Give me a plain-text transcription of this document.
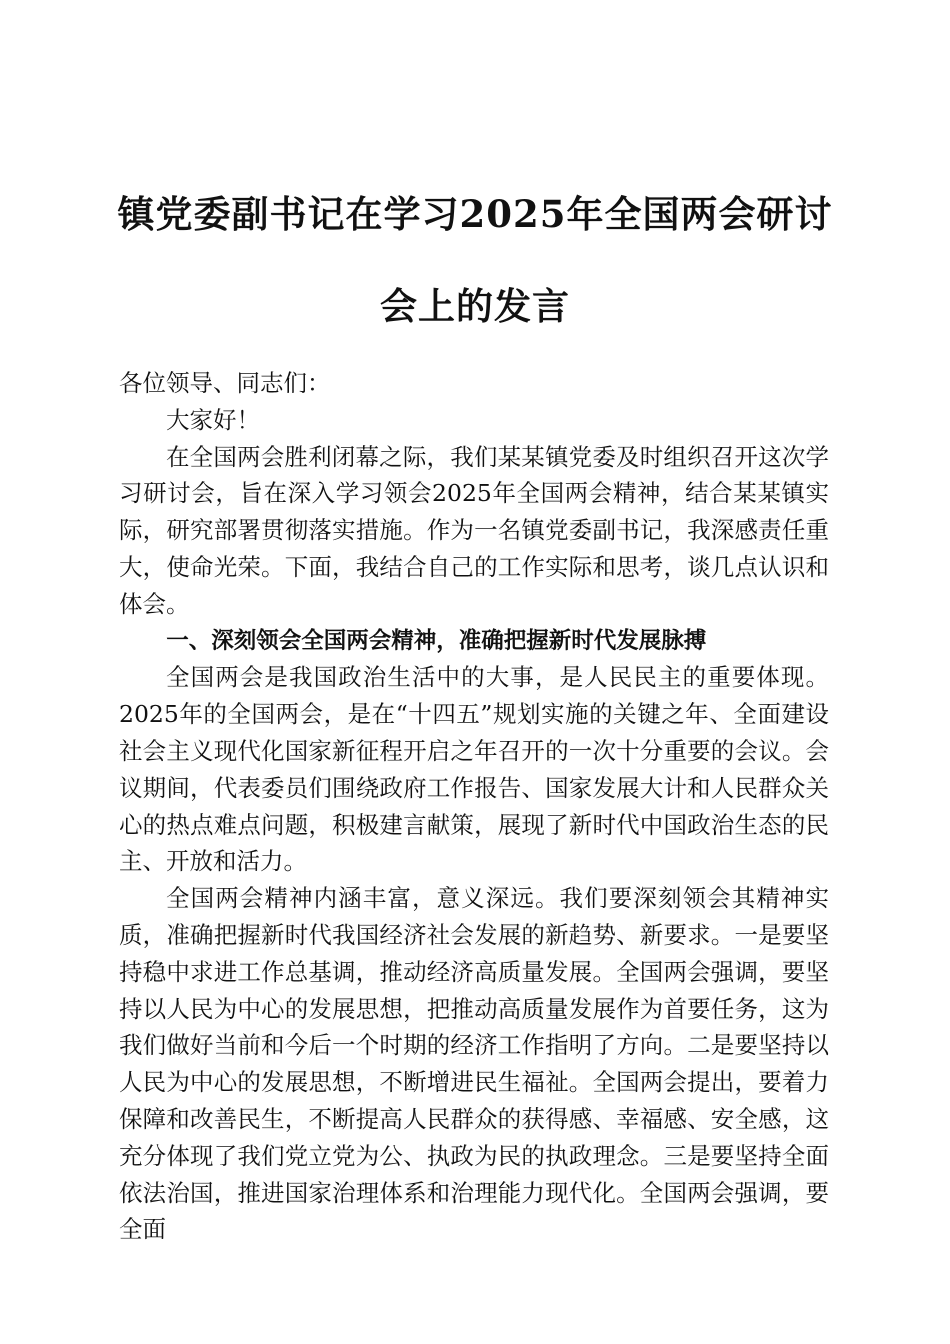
镇党委副书记在学习2025年全国两会研讨会上的发言

各位领导、同志们：

大家好！

在全国两会胜利闭幕之际，我们某某镇党委及时组织召开这次学习研讨会，旨在深入学习领会2025年全国两会精神，结合某某镇实际，研究部署贯彻落实措施。作为一名镇党委副书记，我深感责任重大，使命光荣。下面，我结合自己的工作实际和思考，谈几点认识和体会。

一、深刻领会全国两会精神，准确把握新时代发展脉搏

全国两会是我国政治生活中的大事，是人民民主的重要体现。2025年的全国两会，是在“十四五”规划实施的关键之年、全面建设社会主义现代化国家新征程开启之年召开的一次十分重要的会议。会议期间，代表委员们围绕政府工作报告、国家发展大计和人民群众关心的热点难点问题，积极建言献策，展现了新时代中国政治生态的民主、开放和活力。

全国两会精神内涵丰富，意义深远。我们要深刻领会其精神实质，准确把握新时代我国经济社会发展的新趋势、新要求。一是要坚持稳中求进工作总基调，推动经济高质量发展。全国两会强调，要坚持以人民为中心的发展思想，把推动高质量发展作为首要任务，这为我们做好当前和今后一个时期的经济工作指明了方向。二是要坚持以人民为中心的发展思想，不断增进民生福祉。全国两会提出，要着力保障和改善民生，不断提高人民群众的获得感、幸福感、安全感，这充分体现了我们党立党为公、执政为民的执政理念。三是要坚持全面依法治国，推进国家治理体系和治理能力现代化。全国两会强调，要全面
